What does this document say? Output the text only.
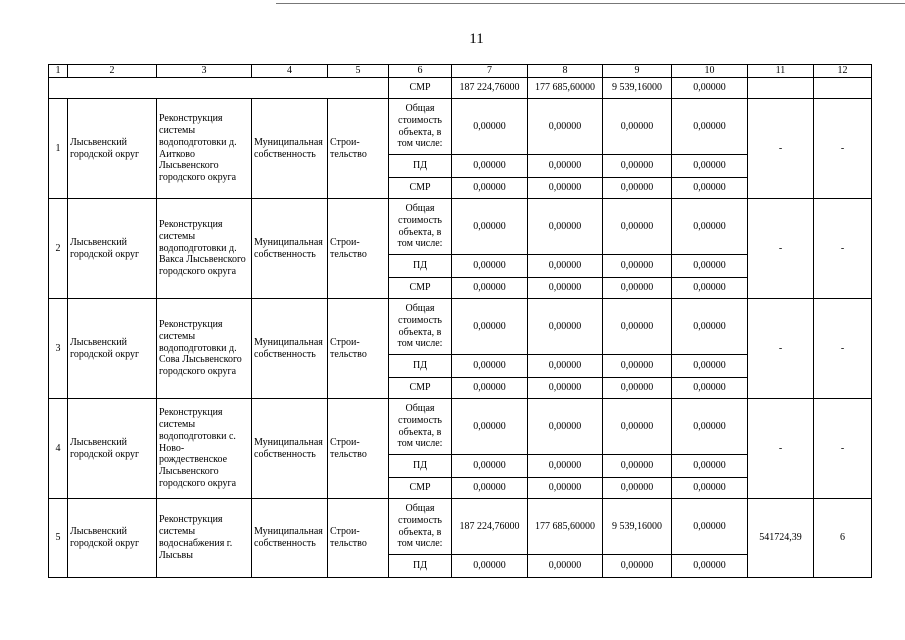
11
1	2	3	4	5	6	7	8	9	10	11	12
					СМР	187 224,76000	177 685,60000	9 539,16000	0,00000		
1	Лысьвенский городской округ	Реконструкция системы водоподготовки д. Аитково Лысьвенского городского округа	Муниципальная собственность	Строи- тельство	Общая стоимость объекта, в том числе:	0,00000	0,00000	0,00000	0,00000	-	-
					ПД	0,00000	0,00000	0,00000	0,00000		
					СМР	0,00000	0,00000	0,00000	0,00000		
2	Лысьвенский городской округ	Реконструкция системы водоподготовки д. Вакса Лысьвенского городского округа	Муниципальная собственность	Строи- тельство	Общая стоимость объекта, в том числе:	0,00000	0,00000	0,00000	0,00000	-	-
					ПД	0,00000	0,00000	0,00000	0,00000		
					СМР	0,00000	0,00000	0,00000	0,00000		
3	Лысьвенский городской округ	Реконструкция системы водоподготовки д. Сова Лысьвенского городского округа	Муниципальная собственность	Строи- тельство	Общая стоимость объекта, в том числе:	0,00000	0,00000	0,00000	0,00000	-	-
					ПД	0,00000	0,00000	0,00000	0,00000		
					СМР	0,00000	0,00000	0,00000	0,00000		
4	Лысьвенский городской округ	Реконструкция системы водоподготовки с. Ново- рождественское Лысьвенского городского округа	Муниципальная собственность	Строи- тельство	Общая стоимость объекта, в том числе:	0,00000	0,00000	0,00000	0,00000	-	-
					ПД	0,00000	0,00000	0,00000	0,00000		
					СМР	0,00000	0,00000	0,00000	0,00000		
5	Лысьвенский городской округ	Реконструкция системы водоснабжения г. Лысьвы	Муниципальная собственность	Строи- тельство	Общая стоимость объекта, в том числе:	187 224,76000	177 685,60000	9 539,16000	0,00000	541724,39	6
					ПД	0,00000	0,00000	0,00000	0,00000		
